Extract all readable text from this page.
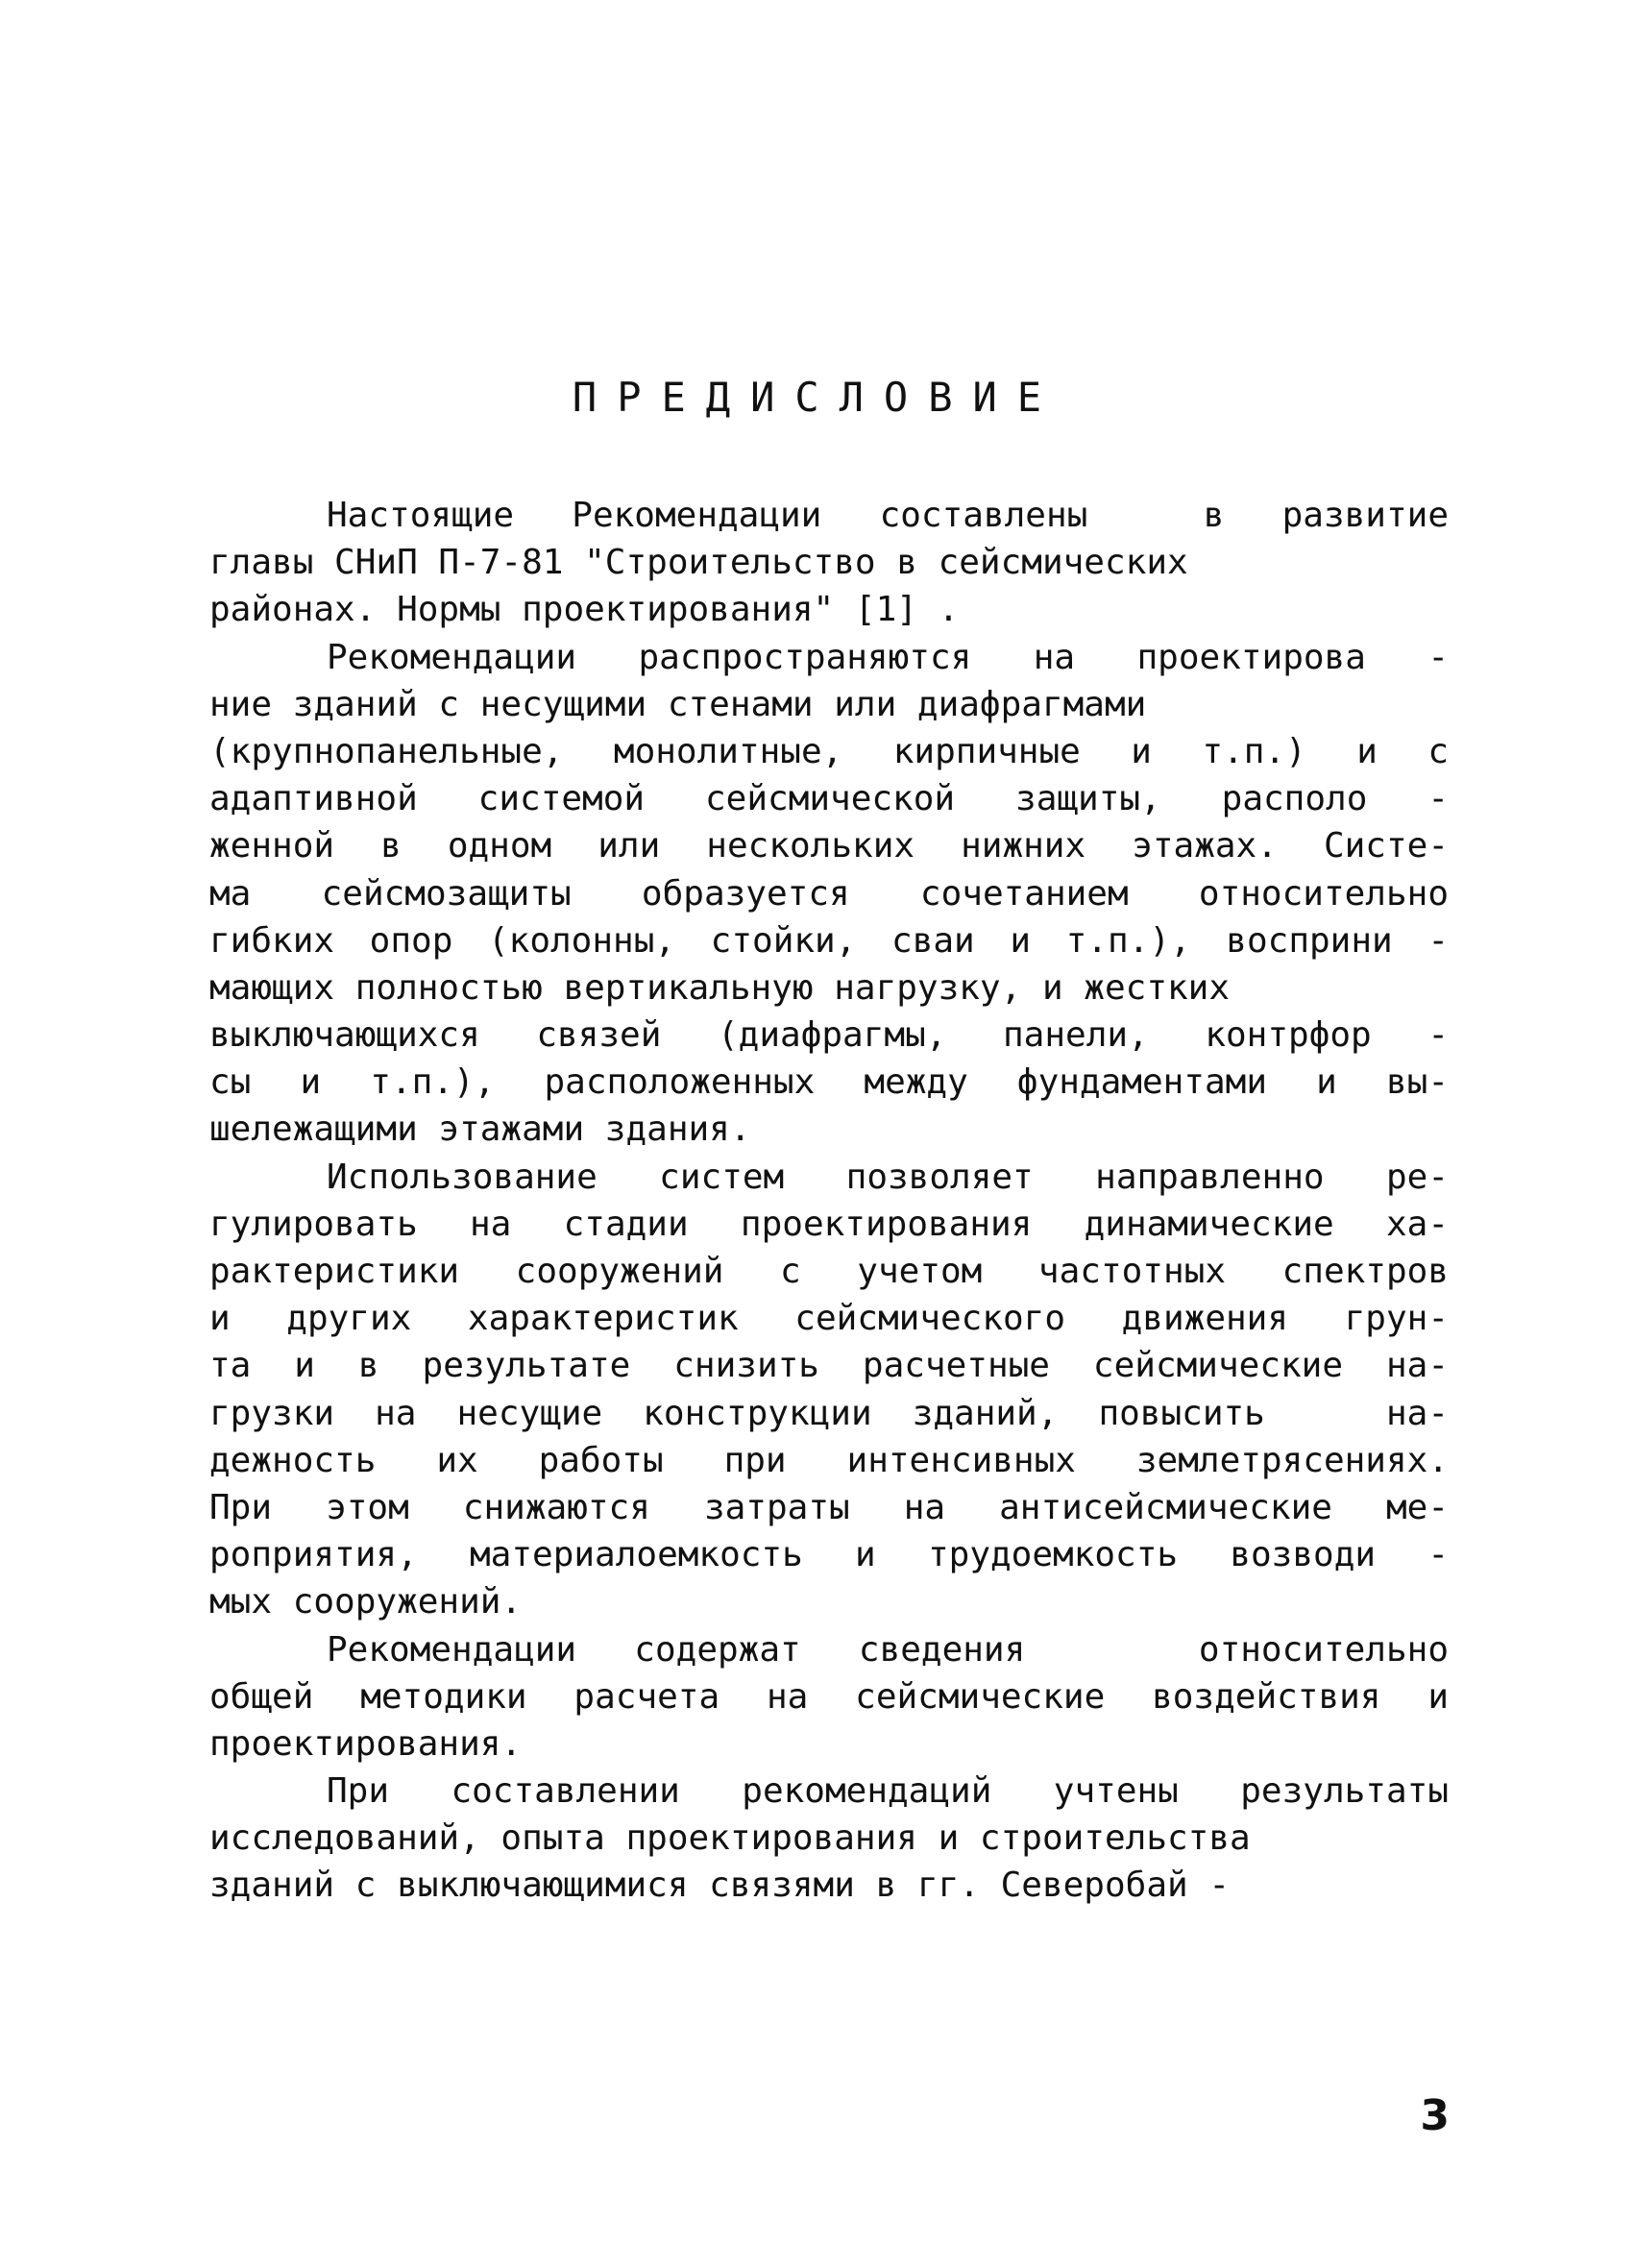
ПРЕДИСЛОВИЕ
Настоящие Рекомендации составлены  в развитие
главы СНиП П-7-81 "Строительство в сейсмических
районах. Нормы проектирования" [1] .
Рекомендации распространяются на проектирова -
ние зданий с несущими стенами или диафрагмами
(крупнопанельные, монолитные, кирпичные и т.п.) и с
адаптивной системой сейсмической защиты, располо -
женной в одном или нескольких нижних этажах. Систе-
ма сейсмозащиты образуется сочетанием относительно
гибких опор (колонны, стойки, сваи и т.п.), восприни -
мающих полностью вертикальную нагрузку, и жестких
выключающихся связей (диафрагмы, панели, контрфор -
сы и т.п.), расположенных между фундаментами и вы-
шележащими этажами здания.
Использование систем позволяет направленно ре-
гулировать на стадии проектирования динамические ха-
рактеристики сооружений с учетом частотных спектров
и других характеристик сейсмического движения грун-
та и в результате снизить расчетные сейсмические на-
грузки на несущие конструкции зданий, повысить   на-
дежность их работы при интенсивных землетрясениях.
При этом снижаются затраты на антисейсмические ме-
роприятия, материалоемкость и трудоемкость возводи -
мых сооружений.
Рекомендации содержат сведения   относительно
общей методики расчета на сейсмические воздействия и
проектирования.
При составлении рекомендаций учтены результаты
исследований, опыта проектирования и строительства
зданий с выключающимися связями в гг. Северобай -
3
